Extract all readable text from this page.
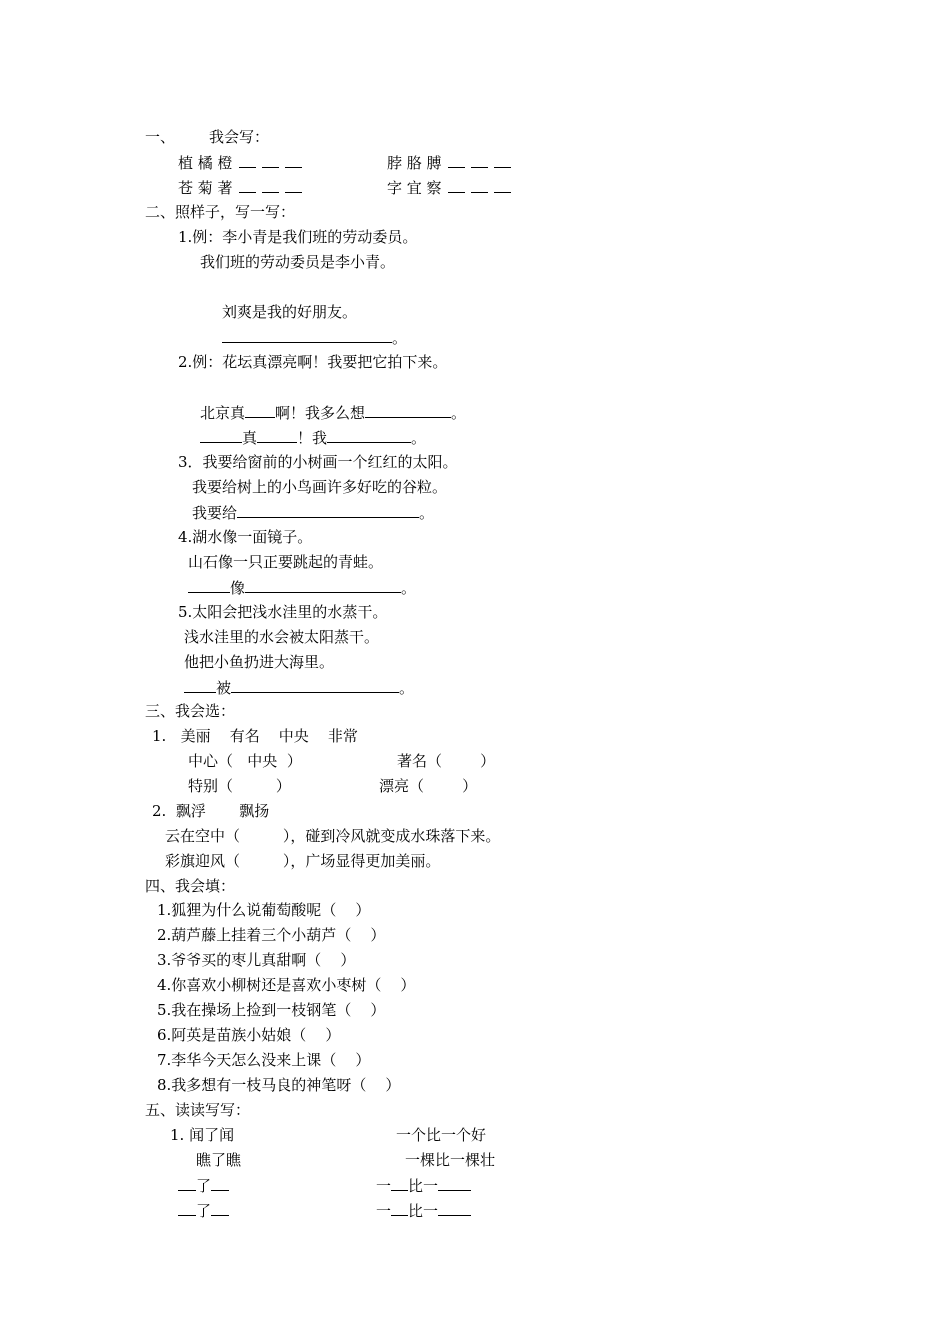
一、 我会写：
植 橘 橙	脖 胳 膊
苍 菊 著	字 宜 察
二、照样子，写一写：
1.例：李小青是我们班的劳动委员。
我们班的劳动委员是李小青。
刘爽是我的好朋友。
。
2.例：花坛真漂亮啊！我要把它拍下来。
北京真 啊！我多么想	。
真	！我	。
3．我要给窗前的小树画一个红红的太阳。
我要给树上的小鸟画许多好吃的谷粒。
我要给	。
4.湖水像一面镜子。
山石像一只正要跳起的青蛙。
像	。
5.太阳会把浅水洼里的水蒸干。
浅水洼里的水会被太阳蒸干。
他把小鱼扔进大海里。
被	。
三、我会选：
1.   美丽    有名    中央    非常
中心（   中央  ）	著名（        ）
特别（         ）	漂亮（        ）
2.  飘浮       飘扬
云在空中（         ），碰到冷风就变成水珠落下来。
彩旗迎风（         ），广场显得更加美丽。
四、我会填：
1.狐狸为什么说葡萄酸呢（    ）
2.葫芦藤上挂着三个小葫芦（    ）
3.爷爷买的枣儿真甜啊（    ）
4.你喜欢小柳树还是喜欢小枣树（    ）
5.我在操场上捡到一枝钢笔（    ）
6.阿英是苗族小姑娘（    ）
7.李华今天怎么没来上课（    ）
8.我多想有一枝马良的神笔呀（    ）
五、读读写写：
1. 闻了闻	一个比一个好
瞧了瞧	一棵比一棵壮
了	一 比一
了	一 比一
